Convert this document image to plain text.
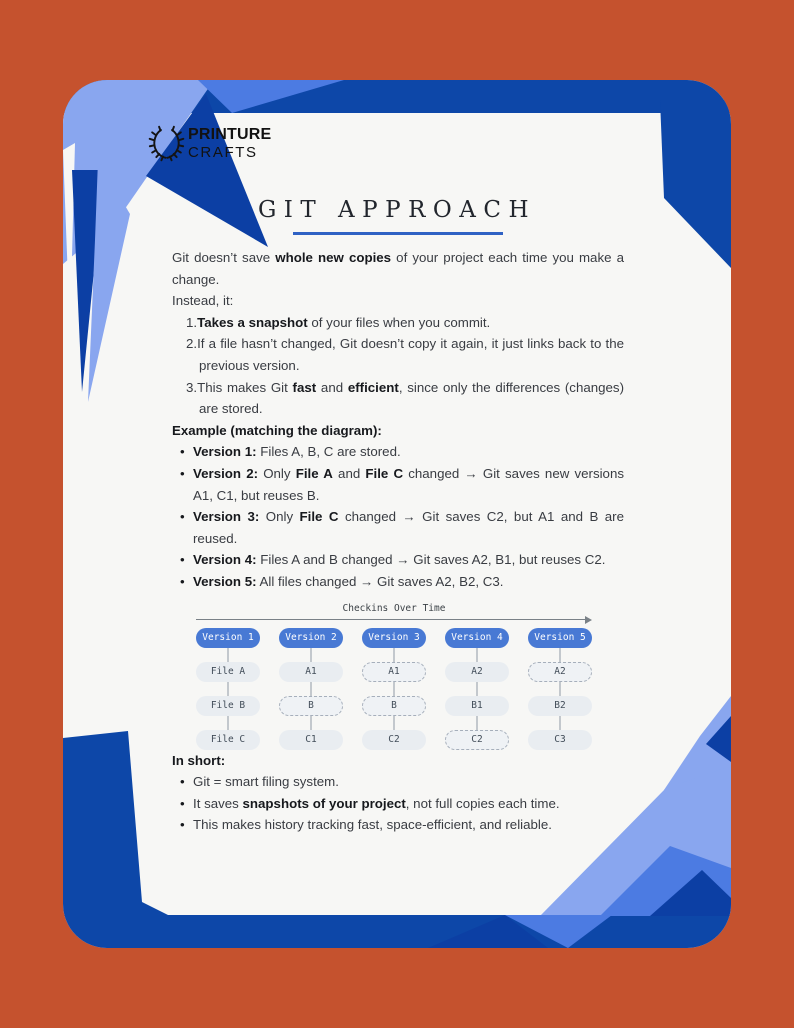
PRINTURE
CRAFTS
GIT APPROACH

Git doesn’t save whole new copies of your project each time you make a change.

Instead, it:

1.Takes a snapshot of your files when you commit.
2.If a file hasn’t changed, Git doesn’t copy it again, it just links back to the previous version.
3.This makes Git fast and efficient, since only the differences (changes) are stored.
Example (matching the diagram):
• Version 1: Files A, B, C are stored.
• Version 2: Only File A and File C changed → Git saves new versions A1, C1, but reuses B.
• Version 3: Only File C changed → Git saves C2, but A1 and B are reused.
• Version 4: Files A and B changed → Git saves A2, B1, but reuses C2.
• Version 5: All files changed → Git saves A2, B2, C3.
Checkins Over Time
Version 1
File A
File B
File C
Version 2
A1
B
C1
Version 3
A1
B
C2
Version 4
A2
B1
C2
Version 5
A2
B2
C3
In short:
• Git = smart filing system.
• It saves snapshots of your project, not full copies each time.
• This makes history tracking fast, space-efficient, and reliable.
